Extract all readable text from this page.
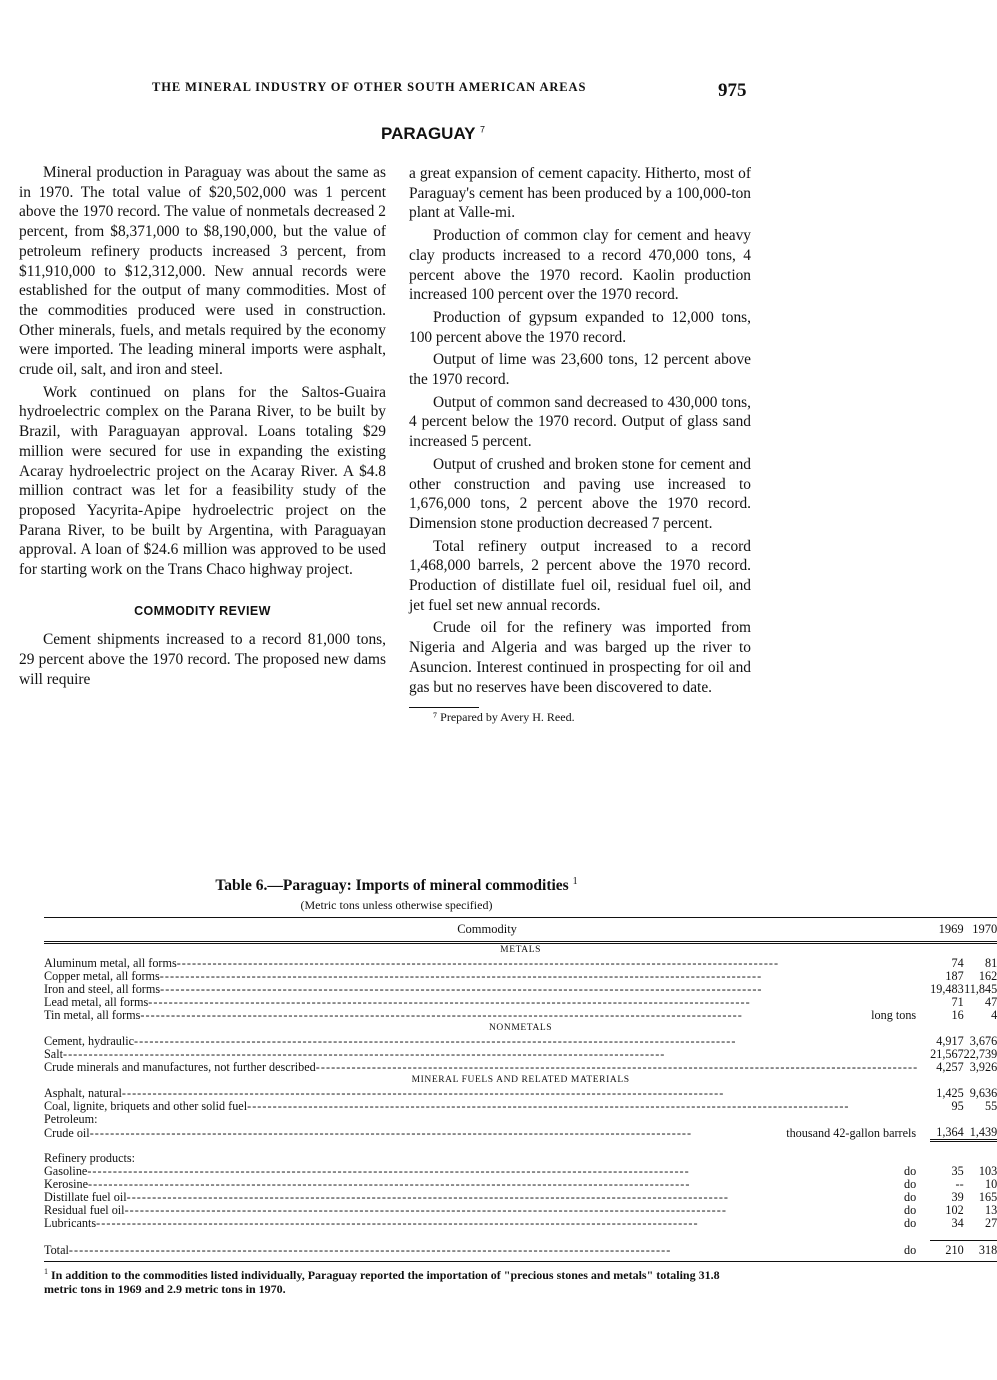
THE MINERAL INDUSTRY OF OTHER SOUTH AMERICAN AREAS	975
PARAGUAY $^7$

Mineral production in Paraguay was about the same as in 1970. The total value of $20,502,000 was 1 percent above the 1970 record. The value of nonmetals decreased 2 percent, from $8,371,000 to $8,190,000, but the value of petroleum refinery products increased 3 percent, from $11,910,000 to $12,312,000. New annual records were established for the output of many commodities. Most of the commodities produced were used in construction. Other minerals, fuels, and metals required by the economy were imported. The leading mineral imports were asphalt, crude oil, salt, and iron and steel.

Work continued on plans for the Saltos-Guaira hydroelectric complex on the Parana River, to be built by Brazil, with Paraguayan approval. Loans totaling $29 million were secured for use in expanding the existing Acaray hydroelectric project on the Acaray River. A $4.8 million contract was let for a feasibility study of the proposed Yacyrita-Apipe hydroelectric project on the Parana River, to be built by Argentina, with Paraguayan approval. A loan of $24.6 million was approved to be used for starting work on the Trans Chaco highway project.

COMMODITY REVIEW

Cement shipments increased to a record 81,000 tons, 29 percent above the 1970 record. The proposed new dams will require

a great expansion of cement capacity. Hitherto, most of Paraguay's cement has been produced by a 100,000-ton plant at Valle-mi.

Production of common clay for cement and heavy clay products increased to a record 470,000 tons, 4 percent above the 1970 record. Kaolin production increased 100 percent over the 1970 record.

Production of gypsum expanded to 12,000 tons, 100 percent above the 1970 record.

Output of lime was 23,600 tons, 12 percent above the 1970 record.

Output of common sand decreased to 430,000 tons, 4 percent below the 1970 record. Output of glass sand increased 5 percent.

Output of crushed and broken stone for cement and other construction and paving use increased to 1,676,000 tons, 2 percent above the 1970 record. Dimension stone production decreased 7 percent.

Total refinery output increased to a record 1,468,000 barrels, 2 percent above the 1970 record. Production of distillate fuel oil, residual fuel oil, and jet fuel set new annual records.

Crude oil for the refinery was imported from Nigeria and Algeria and was barged up the river to Asuncion. Interest continued in prospecting for oil and gas but no reserves have been discovered to date.

⁷ Prepared by Avery H. Reed.

Table 6.—Paraguay: Imports of mineral commodities $^1$
(Metric tons unless otherwise specified)
Commodity	1969	1970
METALS		

Aluminum metal, all forms
- - -	74	81

Copper metal, all forms
- - -	187	162

Iron and steel, all forms
- - -	19,483	11,845

Lead metal, all forms
- - -	71	47

Tin metal, all forms - - - long tons	16	4
NONMETALS		

Cement, hydraulic
- - -	4,917	3,676

Salt
- - -	21,567	22,739

Crude minerals and manufactures, not further described
- - -	4,257	3,926
MINERAL FUELS AND RELATED MATERIALS		

Asphalt, natural
- - -	1,425	9,636

Coal, lignite, briquets and other solid fuel
- - -	95	55
Petroleum:		

Crude oil - - - thousand 42-gallon barrels	1,364	1,439

Refinery products:		

Gasoline - - - do	35	103

Kerosine - - - do	--	10

Distillate fuel oil - - - do	39	165

Residual fuel oil - - - do	102	13

Lubricants - - - do	34	27

Total - - - do	210	318

$^1$ In addition to the commodities listed individually, Paraguay reported the importation of "precious stones and metals" totaling 31.8 metric tons in 1969 and 2.9 metric tons in 1970.
